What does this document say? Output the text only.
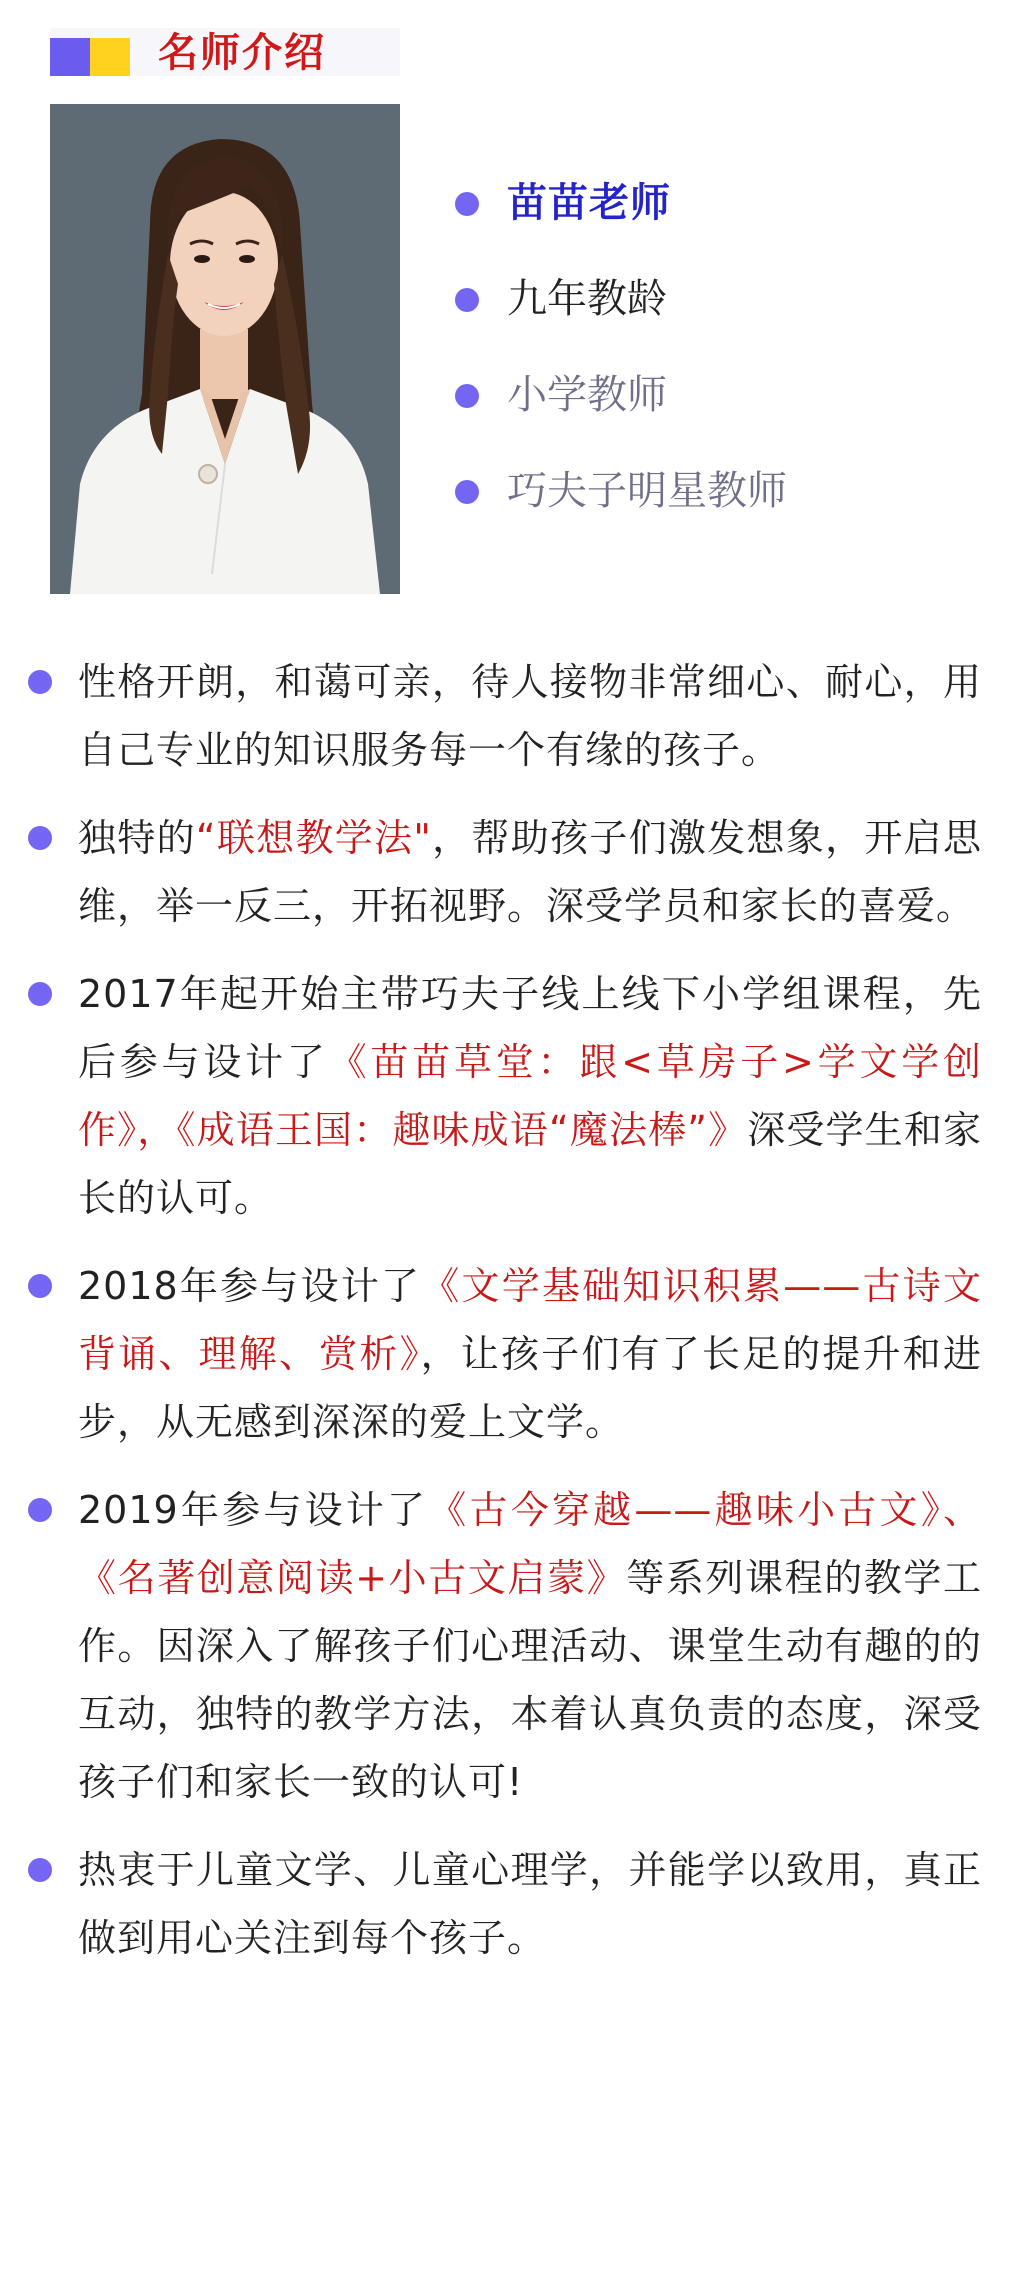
名师介绍
苗苗老师
九年教龄
小学教师
巧夫子明星教师
性格开朗，和蔼可亲，待人接物非常细心、耐心，用自己专业的知识服务每一个有缘的孩子。
独特的“联想教学法"，帮助孩子们激发想象，开启思维，举一反三，开拓视野。深受学员和家长的喜爱。
2017年起开始主带巧夫子线上线下小学组课程，先后参与设计了《苗苗草堂：跟<草房子>学文学创作》，《成语王国：趣味成语“魔法棒”》深受学生和家长的认可。
2018年参与设计了《文学基础知识积累——古诗文背诵、理解、赏析》，让孩子们有了长足的提升和进步，从无感到深深的爱上文学。
2019年参与设计了《古今穿越——趣味小古文》、《名著创意阅读+小古文启蒙》等系列课程的教学工作。因深入了解孩子们心理活动、课堂生动有趣的的互动，独特的教学方法，本着认真负责的态度，深受孩子们和家长一致的认可!
热衷于儿童文学、儿童心理学，并能学以致用，真正做到用心关注到每个孩子。
